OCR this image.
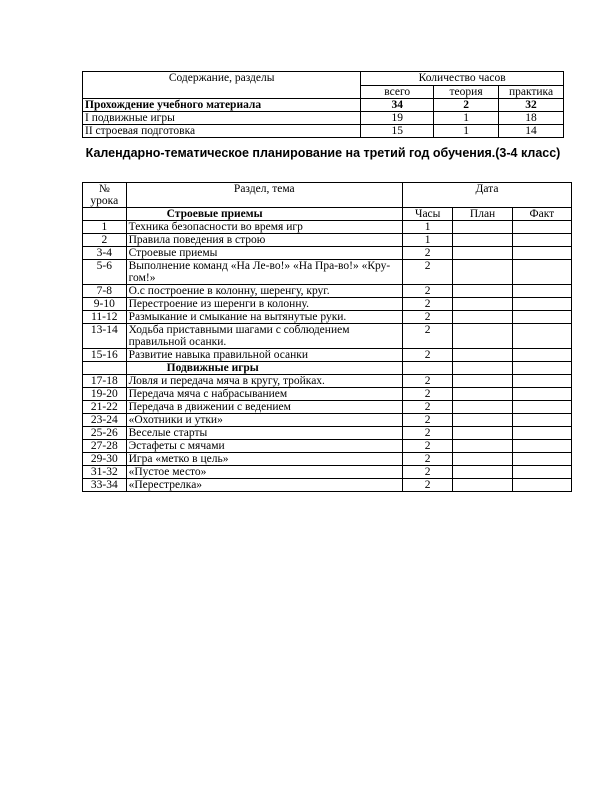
Содержание, разделы	Количество часов		
	всего	теория	практика
Прохождение учебного материала	34	2	32
I подвижные игры	19	1	18
II строевая подготовка	15	1	14
Календарно-тематическое планирование на третий год обучения.(3-4 класс)
№ урока	Раздел, тема	Дата		
	Строевые приемы	Часы	План	Факт
1	Техника безопасности во время игр	1		
2	Правила поведения в строю	1		
3-4	Строевые приемы	2		
5-6	Выполнение команд «На Ле-во!» «На Пра-во!» «Кру-гом!»	2		
7-8	О.с построение в колонну, шеренгу, круг.	2		
9-10	Перестроение из шеренги в колонну.	2		
11-12	Размыкание и смыкание на вытянутые руки.	2		
13-14	Ходьба приставными шагами с соблюдением правильной осанки.	2		
15-16	Развитие навыка правильной осанки	2		
	Подвижные игры			
17-18	Ловля и передача мяча в кругу, тройках.	2		
19-20	Передача мяча с набрасыванием	2		
21-22	Передача в движении с ведением	2		
23-24	«Охотники и утки»	2		
25-26	Веселые старты	2		
27-28	Эстафеты с мячами	2		
29-30	Игра «метко в цель»	2		
31-32	«Пустое место»	2		
33-34	«Перестрелка»	2		
